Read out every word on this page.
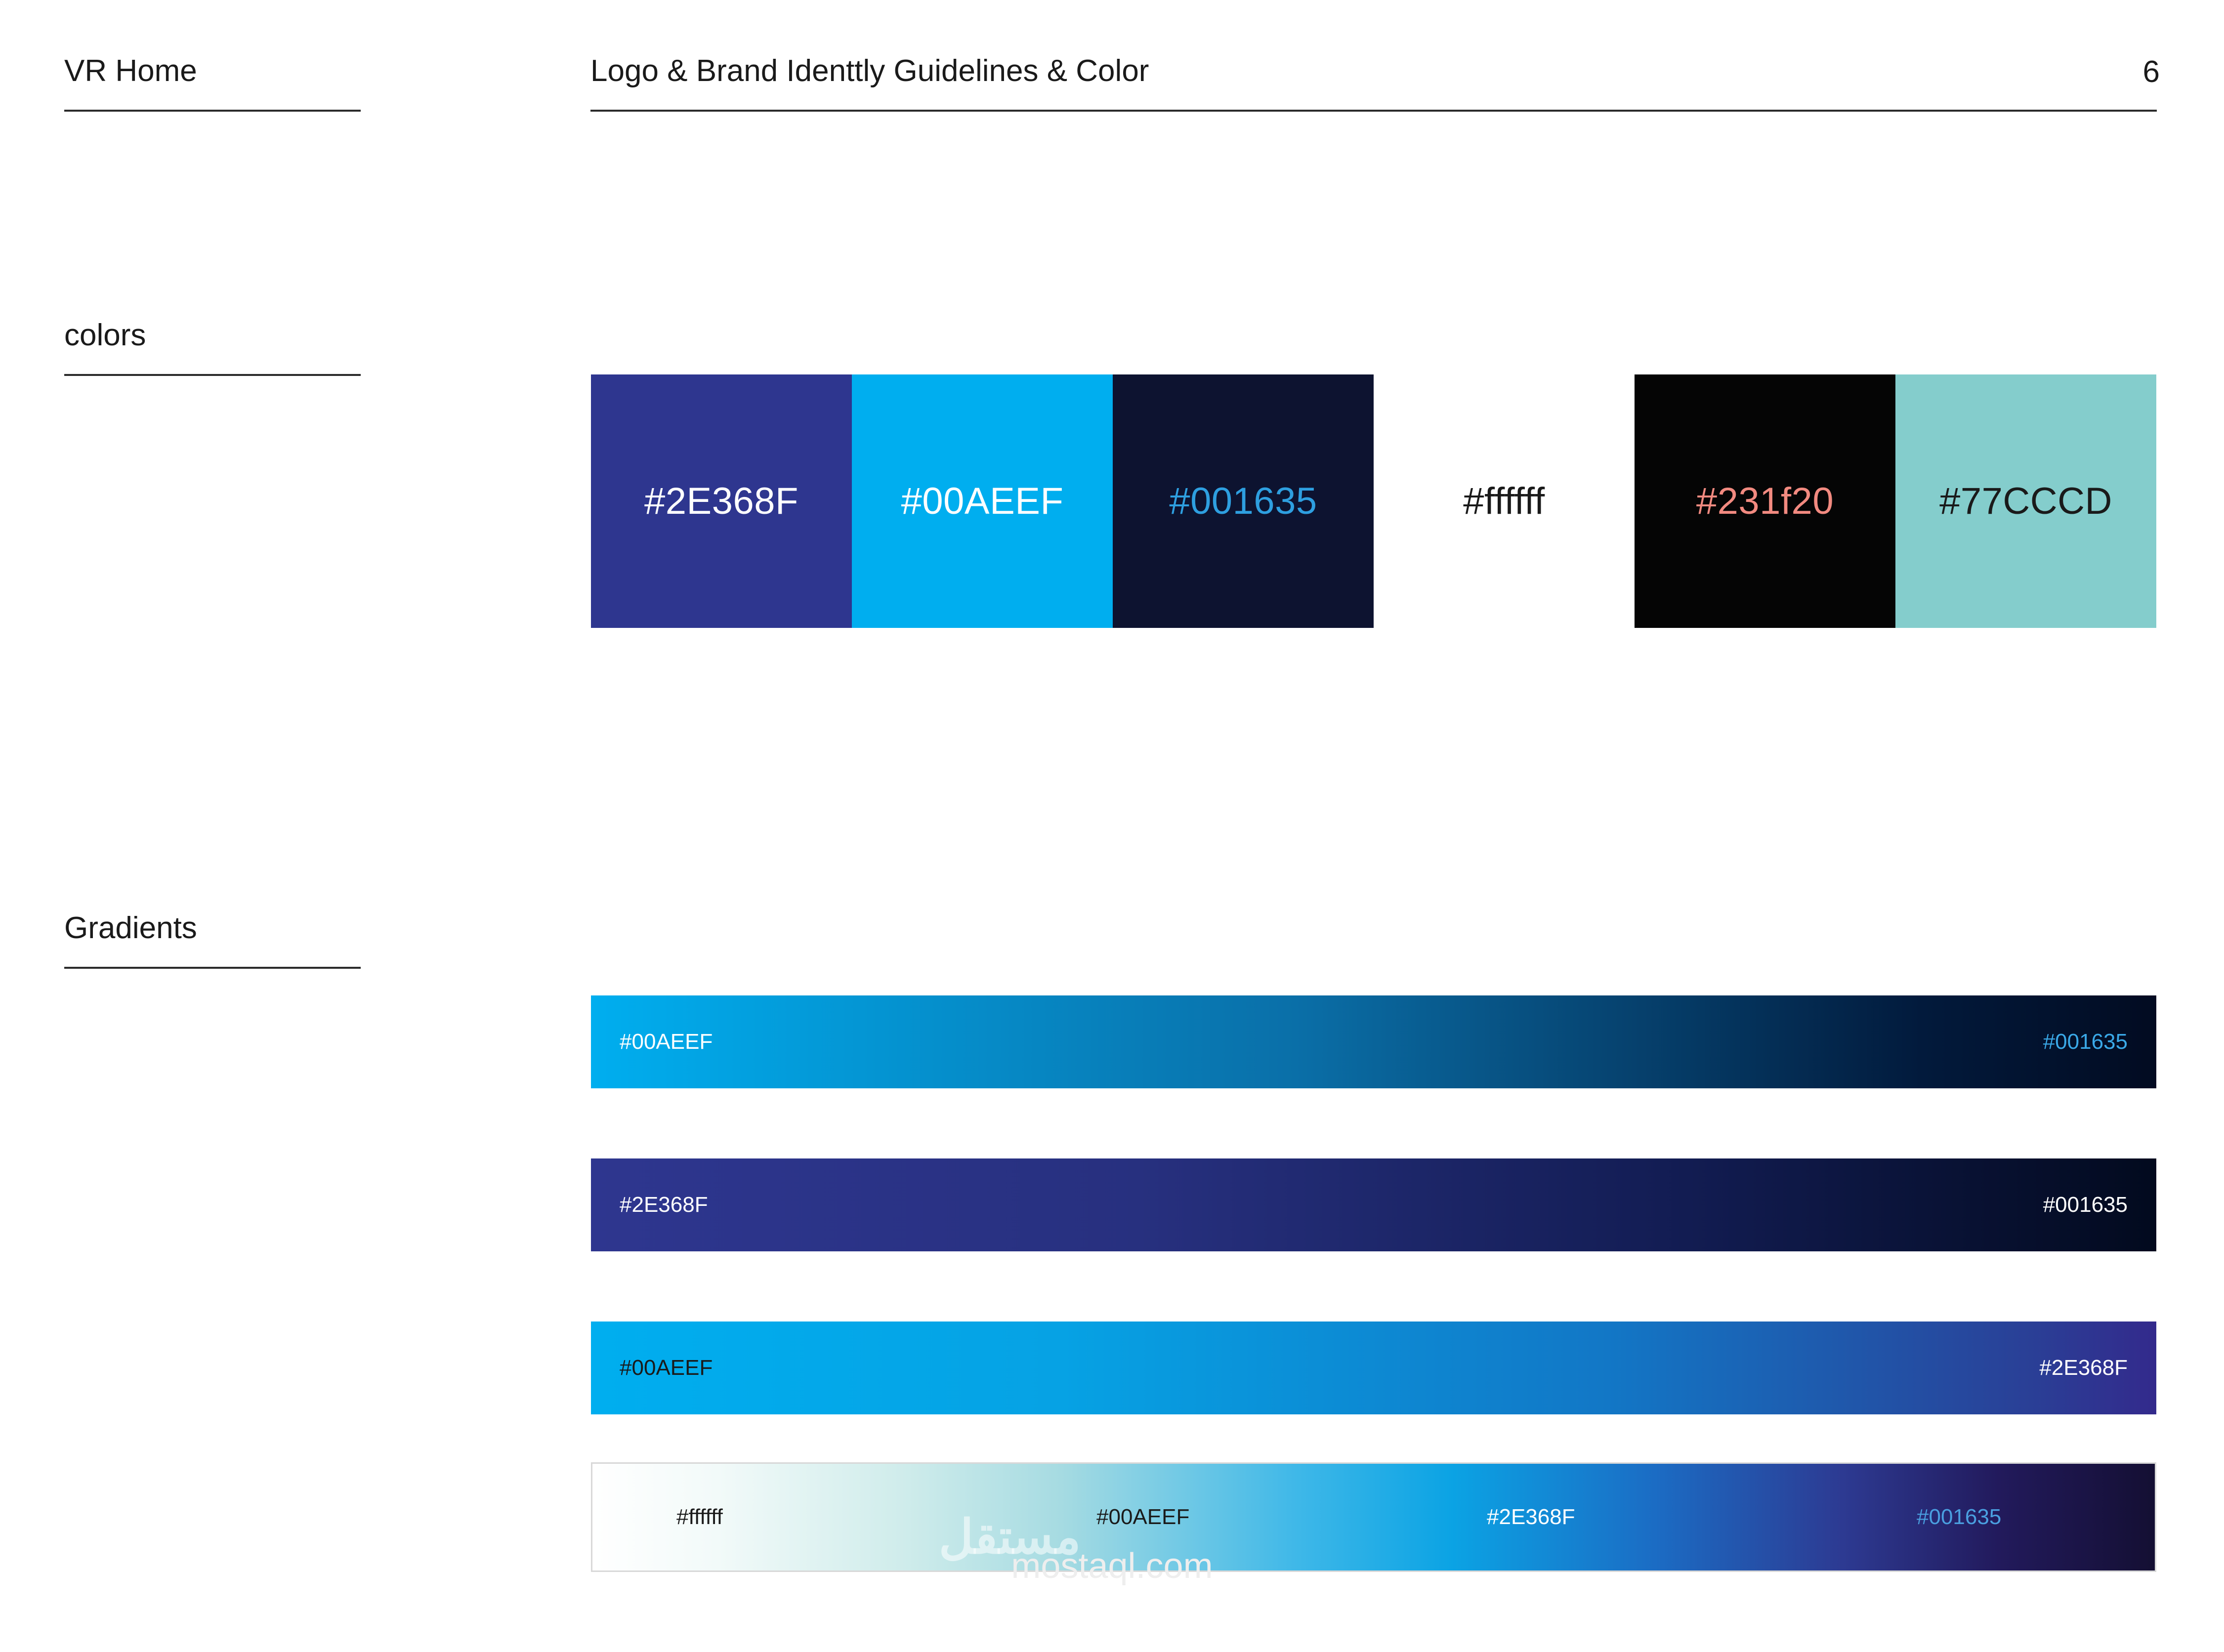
VR Home	Logo & Brand Identtly Guidelines & Color	6
colors
#2E368F	#00AEEF	#001635	#ffffff	#231f20	#77CCCD
Gradients
#00AEEF	#001635
#2E368F	#001635
#00AEEF	#2E368F
#ffffff	#00AEEF	#2E368F	#001635
مستقل
mostaql.com
